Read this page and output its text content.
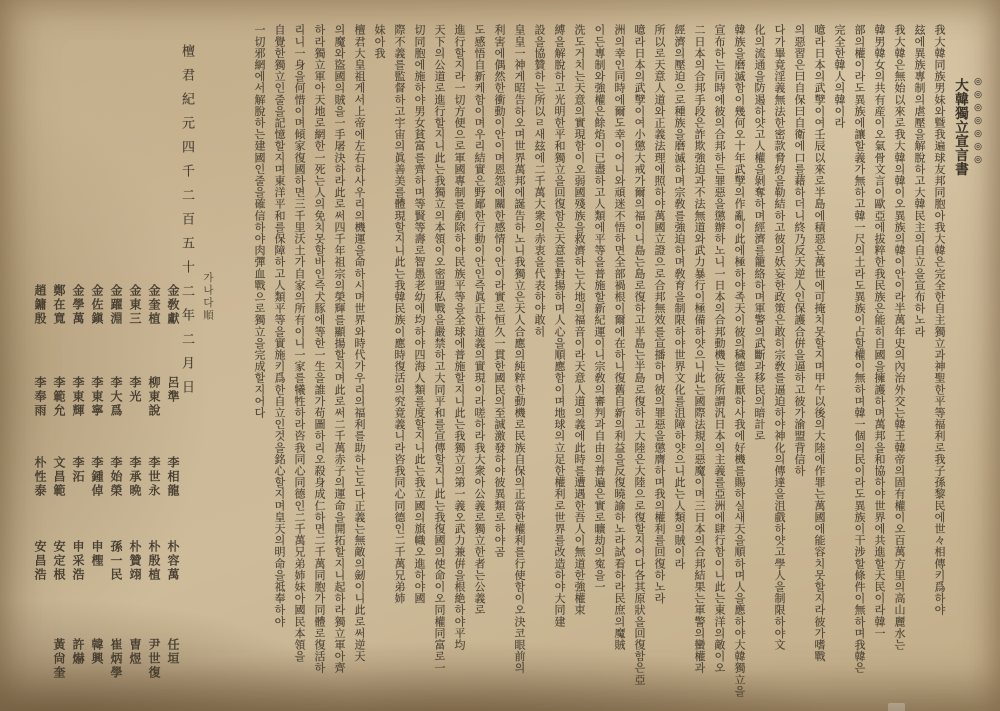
◎◎◎◎◎◎◎
大韓獨立宣言書
我大韓同族男妹와曁我遍球友邦同胞아我大韓은完全한自主獨立과神聖한平等福利로我子孫黎民에世々相傳키爲하야
玆에異族專制의虐壓을解脫하고大韓民主의自立을宣布하노라
我大韓은無始以來로我大韓의韓이오異族의韓이안이라半萬年史의內治外交는韓王韓帝의固有權이오百萬方里의高山麗水는
韓男韓女의共有産이오氣骨文言이歐亞에拔粹한我民族은能히自國을擁護하며萬邦을和協하야世界에共進할天民이라韓一
部의權이라도異族에讓할義가無하고韓一尺의土라도異族이占할權이無하며韓一個의民이라도異族이干涉할條件이無하며我韓은
完全한韓人의韓이라
噫라日本의武孼이여壬辰以來로半島에積惡은萬世에可掩치못할지며甲午以後의大陸에作罪는萬國에能容치못할지라彼가嗜戰
의惡習은曰自保曰自衛에口를藉하더니終乃反天逆人인保護合倂을逼하고彼가渝盟背信하
다가畢竟淫義無法한密款脅約을勒結하고彼의妖妄한政策은敢히宗敎를逼迫하야神化의傳達을沮戲하얏고學人을制限하야文
化의流通을防遏하얏고人權을剝奪하며經濟를籠絡하며軍警의武斷과移民의暗計로
韓族을磨滅함이幾何오十年武孼의作亂이此에極하야족天이彼의穢德을厭하사我에好機를賜하실새天을順하며人을應하야大韓獨立을
宣布하는同時에彼의合邦하든罪惡을懲辦하노니一日本의合邦動機는彼所謂汎日本의主義를亞洲에肆行함이니此는東洋의敵이오
二日本의合邦手段은詐欺強迫과不法無道와武力暴行이極備하얏으니此는國際法規의惡魔이며三日本의合邦結果는軍警의蠻權과
經濟의壓迫으로種族을磨滅하며宗敎를強迫하며敎育을制限하야世界文化를沮障하얏으니此는人類의賊이라
所以로天意人道와正義法理에照하야萬國立證으로合邦無效를宣播하며彼의罪惡을懲膺하며我의權利를回復하노라
噫라日本의武孼이여小懲大戒가爾의福이니島는島로復하고半島는半島로復하고大陸은大陸으로復할지어다各其原狀을回復함은亞
洲의幸인同時에爾도幸이어니와頑迷不悟하면全部禍根이爾에在하니復舊自新의利益을反復曉諭하노라試看하라民庶의魔賊
이든專制와強權은餘焰이已盡하고人類에平等을普施할新紀運이니宗敎의審判과自由의普遍은實로曠劫의寃을一
洗도거치는天意의實現함이오弱國殘族을救濟하는大地의福音이라天意人道의義에此時를遭遇한吾人이無道한強權束
縛을解脫하고光明한平和獨立을回復함은天意를對揚하며人心을順應함이며地球의立足한權利로世界를改造하야大同建
設을協贊하는所以ㄹ새玆에二千萬大衆의赤衷을代表하야敢히
皇皇一神게昭告하오며世界萬邦에誕告하노니我獨立은天人合應의純粹한動機로民族自保의正當한權利를行使함이오決코眼前의
利害에偶然한衝動이안이며恩怨에關한感情이안이라實로恒久一貫한國民의至誠激發하야彼異類로하야곰
도感悟自新케함이며우리結實은野鄙한行動이안인즉眞正한道義의實現이라嗟하라我大衆아公義로獨立한者는公義로
進行할지라一切方便으로軍國專制를剷除하야民族平等을全球에普施할지니此는我獨立의第一義오武力兼倂을根絶하야平均
天下의公道로進行할지니此는我獨立의本領이오密盟私戰을嚴禁하고大同平和를宣傳할지니此는我復國의使命이오同權同富로一
切同胞에施하야男女貧富를齊하며等賢等壽로智愚老幼에均하야四海人類를度할지니此는我立國의旗幟오進하야國
際不義를監督하고宇宙의眞善美를體現할지니此는我韓民族이應時復活의究竟義니라咨我同心同德인二千萬兄弟姉
妹아我
檀君大皇祖게서上帝에左右하사우리의機運을命하시며世界와時代가우리의福利를助하는도다正義는無敵의劒이니此로써逆天
의魔와盜國의賊을一手屠決하라此로써四千年祖宗의榮輝를顯揚할지며此로써二千萬赤子의運命을開拓할지니起하라獨立軍아齊
하라獨立軍아天地로網한一死는人의免치못할바인즉犬豚에等한一生을誰가苟圖하리오殺身成仁하면二千萬同胞가同體로復活하
리니一身을何惜이며傾家復國하면三千里沃土가自家의所有이니一家를犧牲하라咨我同心同德인二千萬兄弟姉妹아國民本領을
自覺한獨立인줄을記憶할지며東洋平和를保障하고人類平等을實施키爲한自立인것을銘心할지며皇天의明命을祗奉하야
一切邪網에서解脫하는建國인줄을確信하야肉彈血戰으로獨立을完成할지어다
檀君紀元四千二百五十二年二月日
가나다順
金敎獻
金奎植
金東三
金躍淵
金佐鎭
金學萬
鄭在寬
趙鏞殷
呂準
柳東說
李光
李大爲
李東寧
李東輝
李範允
李奉雨
李相龍
李世永
李承晩
李始榮
李鍾倬
李沰
文昌範
朴性泰
朴容萬
朴殷植
朴贊翊
孫一民
申檉
申采浩
安定根
安昌浩
任垣
尹世復
曺煜
崔炳學
韓興
許爀
黃尙奎
